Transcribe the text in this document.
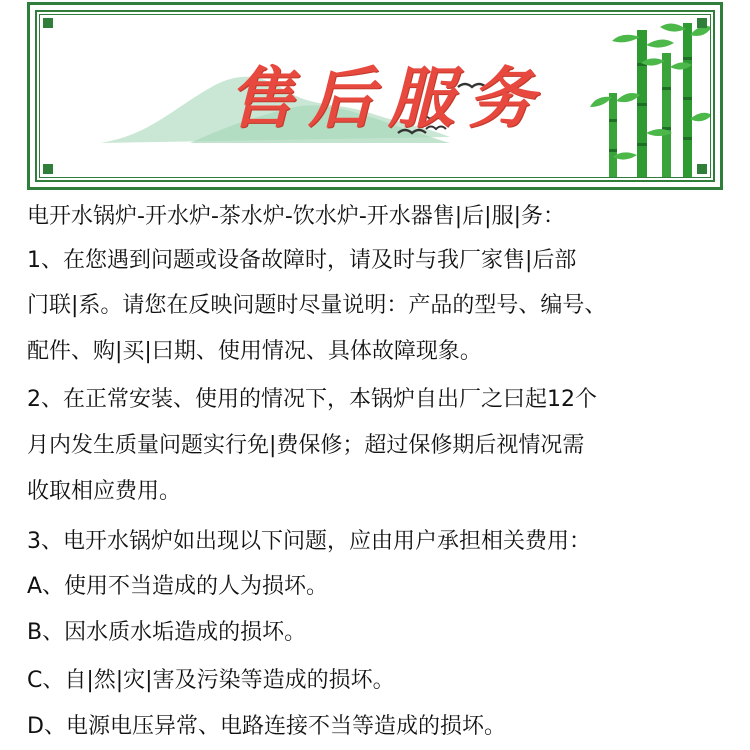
售后服务
电开水锅炉-开水炉-茶水炉-饮水炉-开水器售|后|服|务：
1、在您遇到问题或设备故障时，请及时与我厂家售|后部
门联|系。请您在反映问题时尽量说明：产品的型号、编号、
配件、购|买|曰期、使用情况、具体故障现象。
2、在正常安装、使用的情况下，本锅炉自出厂之曰起12个
月内发生质量问题实行免|费保修；超过保修期后视情况需
收取相应费用。
3、电开水锅炉如出现以下问题，应由用户承担相关费用：
A、使用不当造成的人为损坏。
B、因水质水垢造成的损坏。
C、自|然|灾|害及污染等造成的损坏。
D、电源电压异常、电路连接不当等造成的损坏。
